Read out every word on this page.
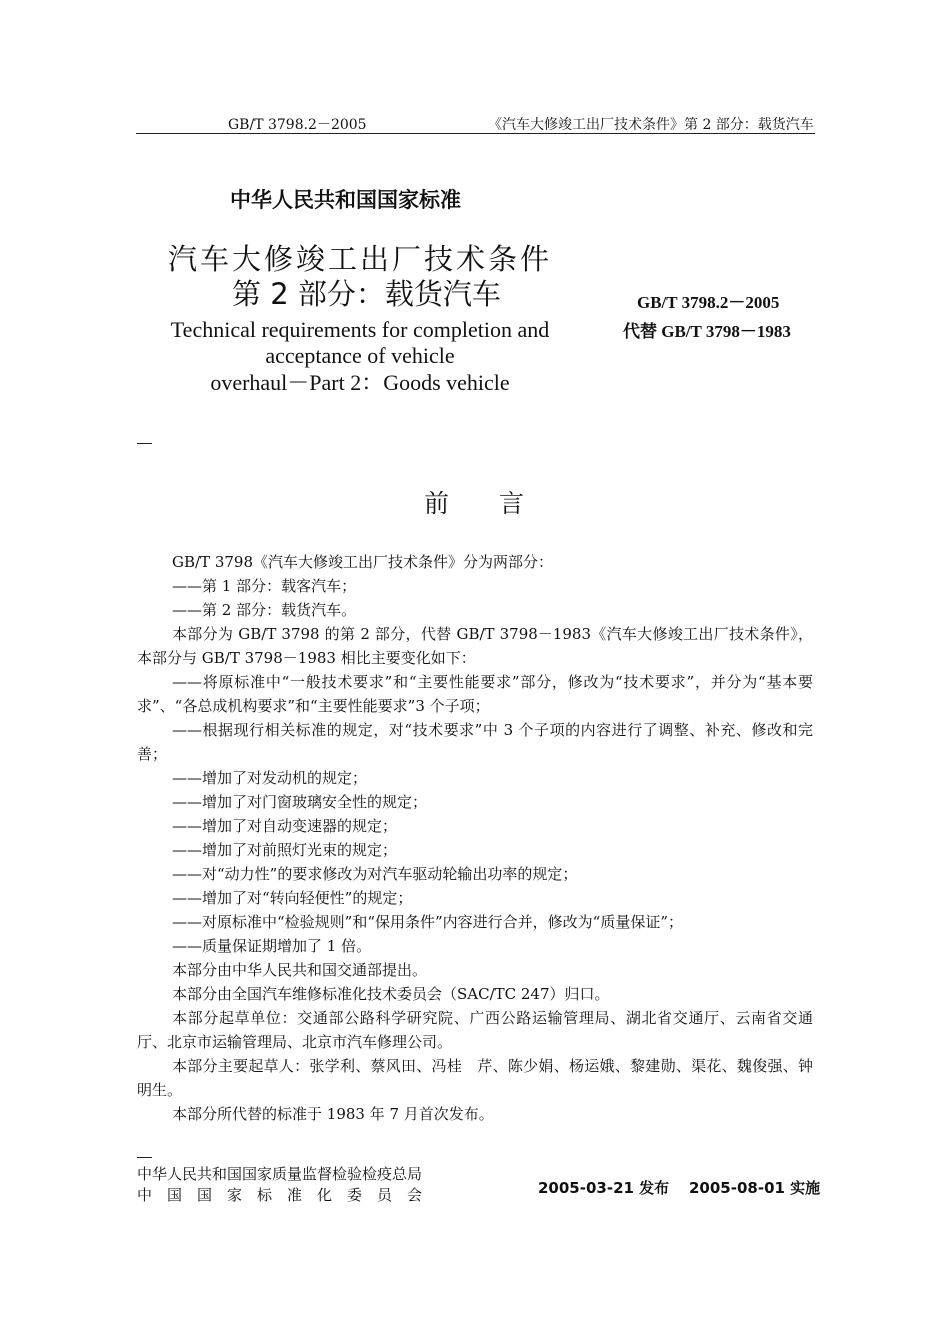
GB/T 3798.2－2005	《汽车大修竣工出厂技术条件》第 2 部分：载货汽车
中华人民共和国国家标准
汽车大修竣工出厂技术条件
第 2 部分：载货汽车
Technical requirements for completion and
acceptance of vehicle
overhaul－Part 2：Goods vehicle
GB/T 3798.2－2005
代替 GB/T 3798－1983
前　　言

GB/T 3798《汽车大修竣工出厂技术条件》分为两部分：

——第 1 部分：载客汽车；

——第 2 部分：载货汽车。

本部分为 GB/T 3798 的第 2 部分，代替 GB/T 3798－1983《汽车大修竣工出厂技术条件》，本部分与 GB/T 3798－1983 相比主要变化如下：

——将原标准中“一般技术要求”和“主要性能要求”部分，修改为“技术要求”，并分为“基本要求”、“各总成机构要求”和“主要性能要求”3 个子项；

——根据现行相关标准的规定，对“技术要求”中 3 个子项的内容进行了调整、补充、修改和完善；

——增加了对发动机的规定；

——增加了对门窗玻璃安全性的规定；

——增加了对自动变速器的规定；

——增加了对前照灯光束的规定；

——对“动力性”的要求修改为对汽车驱动轮输出功率的规定；

——增加了对“转向轻便性”的规定；

——对原标准中“检验规则”和“保用条件”内容进行合并，修改为“质量保证”；

——质量保证期增加了 1 倍。

本部分由中华人民共和国交通部提出。

本部分由全国汽车维修标准化技术委员会（SAC/TC 247）归口。

本部分起草单位：交通部公路科学研究院、广西公路运输管理局、湖北省交通厅、云南省交通厅、北京市运输管理局、北京市汽车修理公司。

本部分主要起草人：张学利、蔡风田、冯桂　芹、陈少娟、杨运娥、黎建勋、渠花、魏俊强、钟明生。

本部分所代替的标准于 1983 年 7 月首次发布。

中华人民共和国国家质量监督检验检疫总局
中　国　国　家　标　准　化　委　员　会	2005-03-21 发布 2005-08-01 实施
